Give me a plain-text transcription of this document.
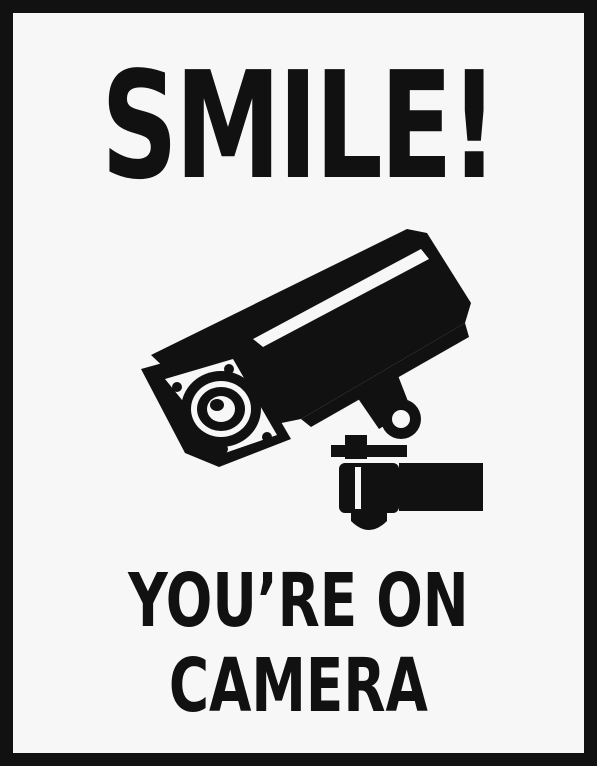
SMILE!
YOU’RE ON
CAMERA
